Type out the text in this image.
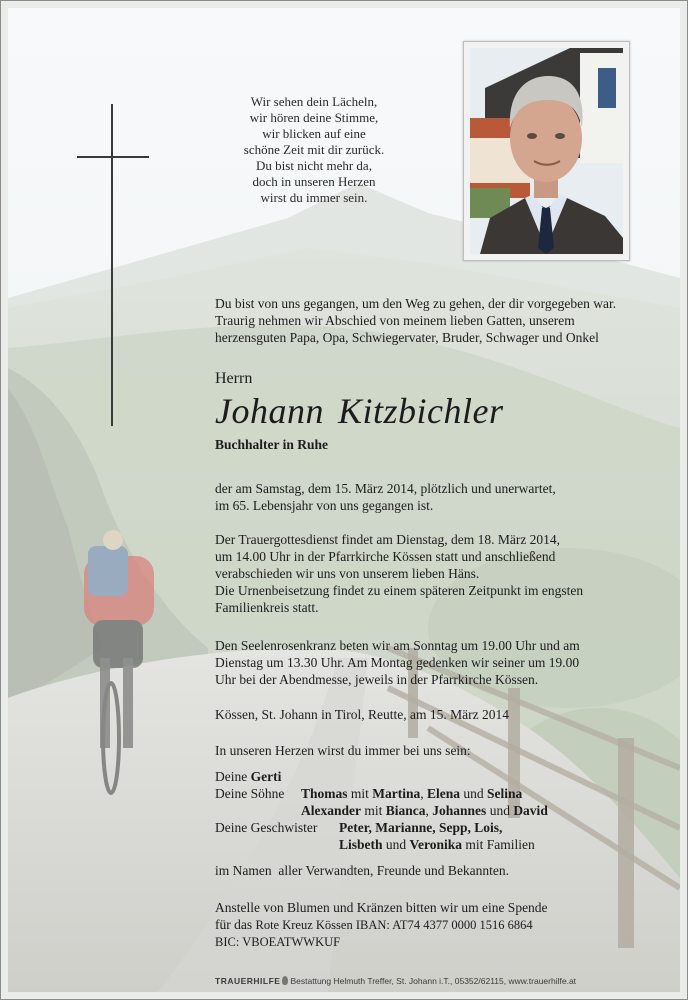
Wir sehen dein Lächeln,
wir hören deine Stimme,
wir blicken auf eine
schöne Zeit mit dir zurück.
Du bist nicht mehr da,
doch in unseren Herzen
wirst du immer sein.
Du bist von uns gegangen, um den Weg zu gehen, der dir vorgegeben war.
Traurig nehmen wir Abschied von meinem lieben Gatten, unserem
herzensguten Papa, Opa, Schwiegervater, Bruder, Schwager und Onkel
Herrn
Johann Kitzbichler
Buchhalter in Ruhe
der am Samstag, dem 15. März 2014, plötzlich und unerwartet,
im 65. Lebensjahr von uns gegangen ist.
Der Trauergottesdienst findet am Dienstag, dem 18. März 2014,
um 14.00 Uhr in der Pfarrkirche Kössen statt und anschließend
verabschieden wir uns von unserem lieben Häns.
Die Urnenbeisetzung findet zu einem späteren Zeitpunkt im engsten
Familienkreis statt.
Den Seelenrosenkranz beten wir am Sonntag um 19.00 Uhr und am
Dienstag um 13.30 Uhr. Am Montag gedenken wir seiner um 19.00
Uhr bei der Abendmesse, jeweils in der Pfarrkirche Kössen.
Kössen, St. Johann in Tirol, Reutte, am 15. März 2014
In unseren Herzen wirst du immer bei uns sein:
Deine Gerti
Deine Söhne Thomas mit Martina, Elena und Selina
Alexander mit Bianca, Johannes und David
Deine Geschwister Peter, Marianne, Sepp, Lois,
Lisbeth und Veronika mit Familien
im Namen  aller Verwandten, Freunde und Bekannten.
Anstelle von Blumen und Kränzen bitten wir um eine Spende
für das Rote Kreuz Kössen IBAN: AT74 4377 0000 1516 6864
BIC: VBOEATWWKUF
TRAUERHILFE Bestattung Helmuth Treffer, St. Johann i.T., 05352/62115, www.trauerhilfe.at
